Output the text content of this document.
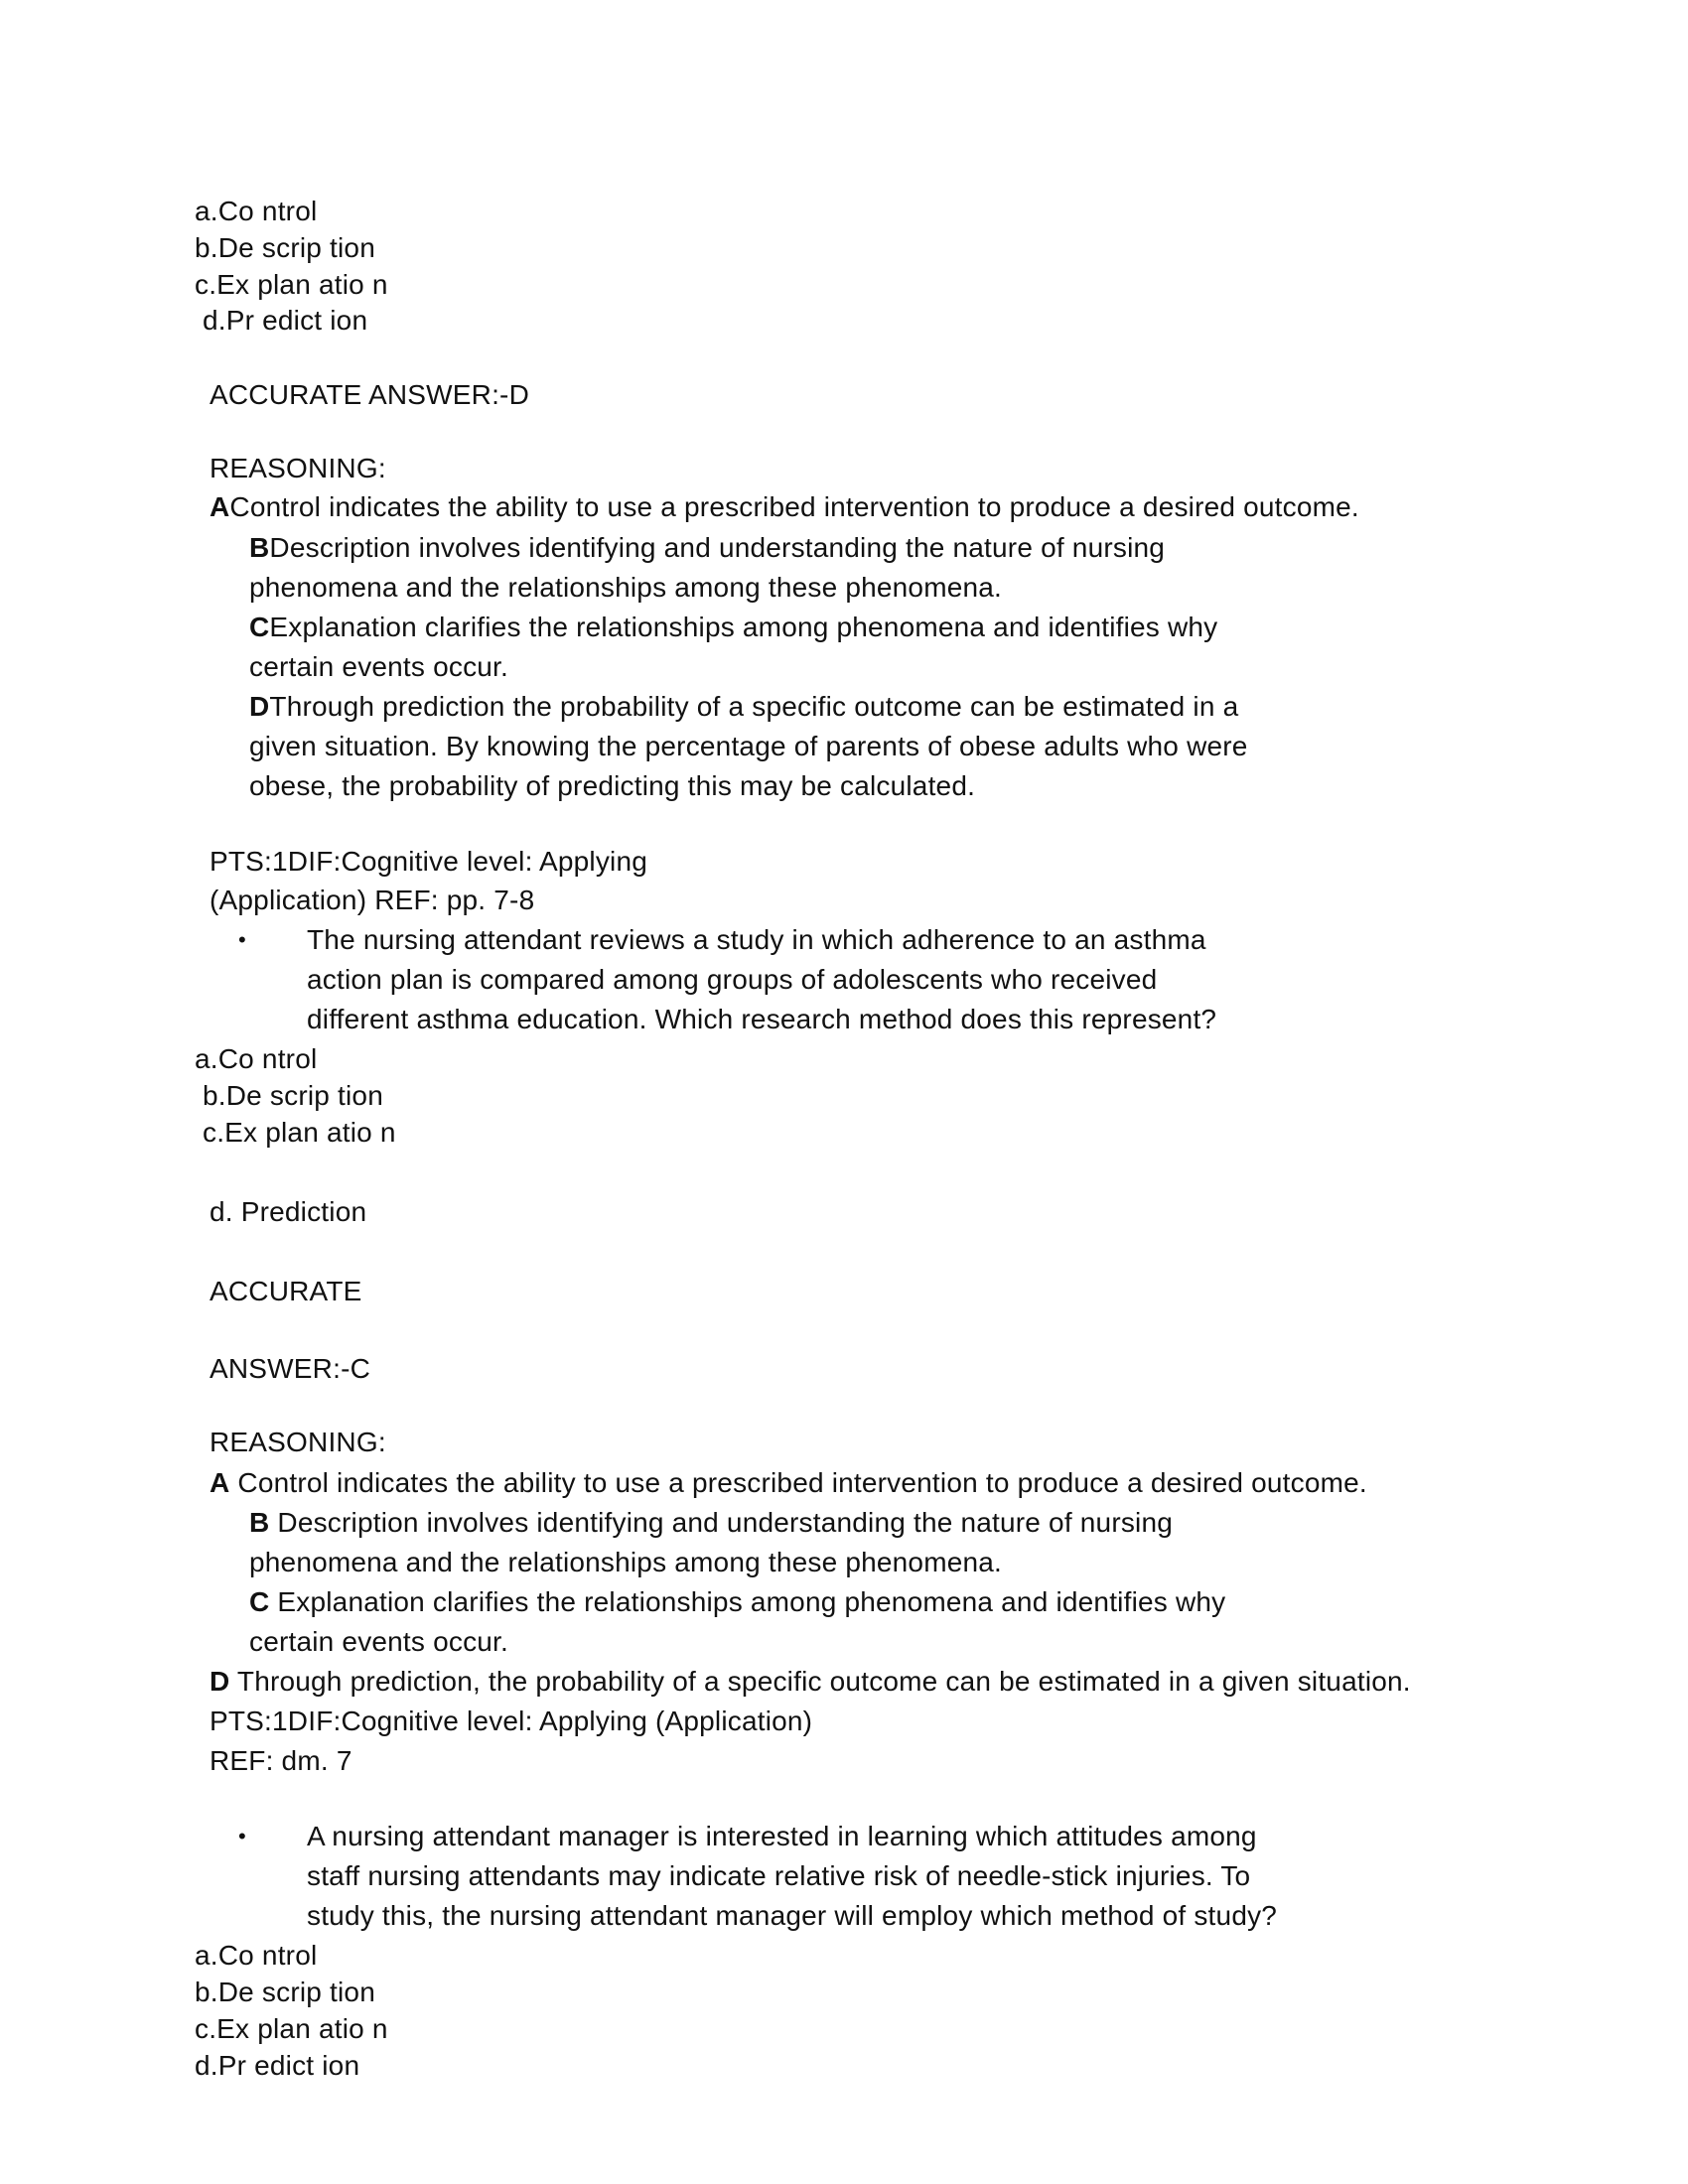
a.Co ntrol
b.De scrip tion
c.Ex plan atio n
d.Pr edict ion
ACCURATE ANSWER:-D
REASONING:
AControl indicates the ability to use a prescribed intervention to produce a desired outcome.
BDescription involves identifying and understanding the nature of nursing
phenomena and the relationships among these phenomena.
CExplanation clarifies the relationships among phenomena and identifies why
certain events occur.
DThrough prediction the probability of a specific outcome can be estimated in a
given situation. By knowing the percentage of parents of obese adults who were
obese, the probability of predicting this may be calculated.
PTS:1DIF:Cognitive level: Applying
(Application) REF: pp. 7-8
• The nursing attendant reviews a study in which adherence to an asthma
action plan is compared among groups of adolescents who received
different asthma education. Which research method does this represent?
a.Co ntrol
b.De scrip tion
c.Ex plan atio n
d. Prediction
ACCURATE
ANSWER:-C
REASONING:
A Control indicates the ability to use a prescribed intervention to produce a desired outcome.
B Description involves identifying and understanding the nature of nursing
phenomena and the relationships among these phenomena.
C Explanation clarifies the relationships among phenomena and identifies why
certain events occur.
D Through prediction, the probability of a specific outcome can be estimated in a given situation.
PTS:1DIF:Cognitive level: Applying (Application)
REF: dm. 7
• A nursing attendant manager is interested in learning which attitudes among
staff nursing attendants may indicate relative risk of needle-stick injuries. To
study this, the nursing attendant manager will employ which method of study?
a.Co ntrol
b.De scrip tion
c.Ex plan atio n
d.Pr edict ion
